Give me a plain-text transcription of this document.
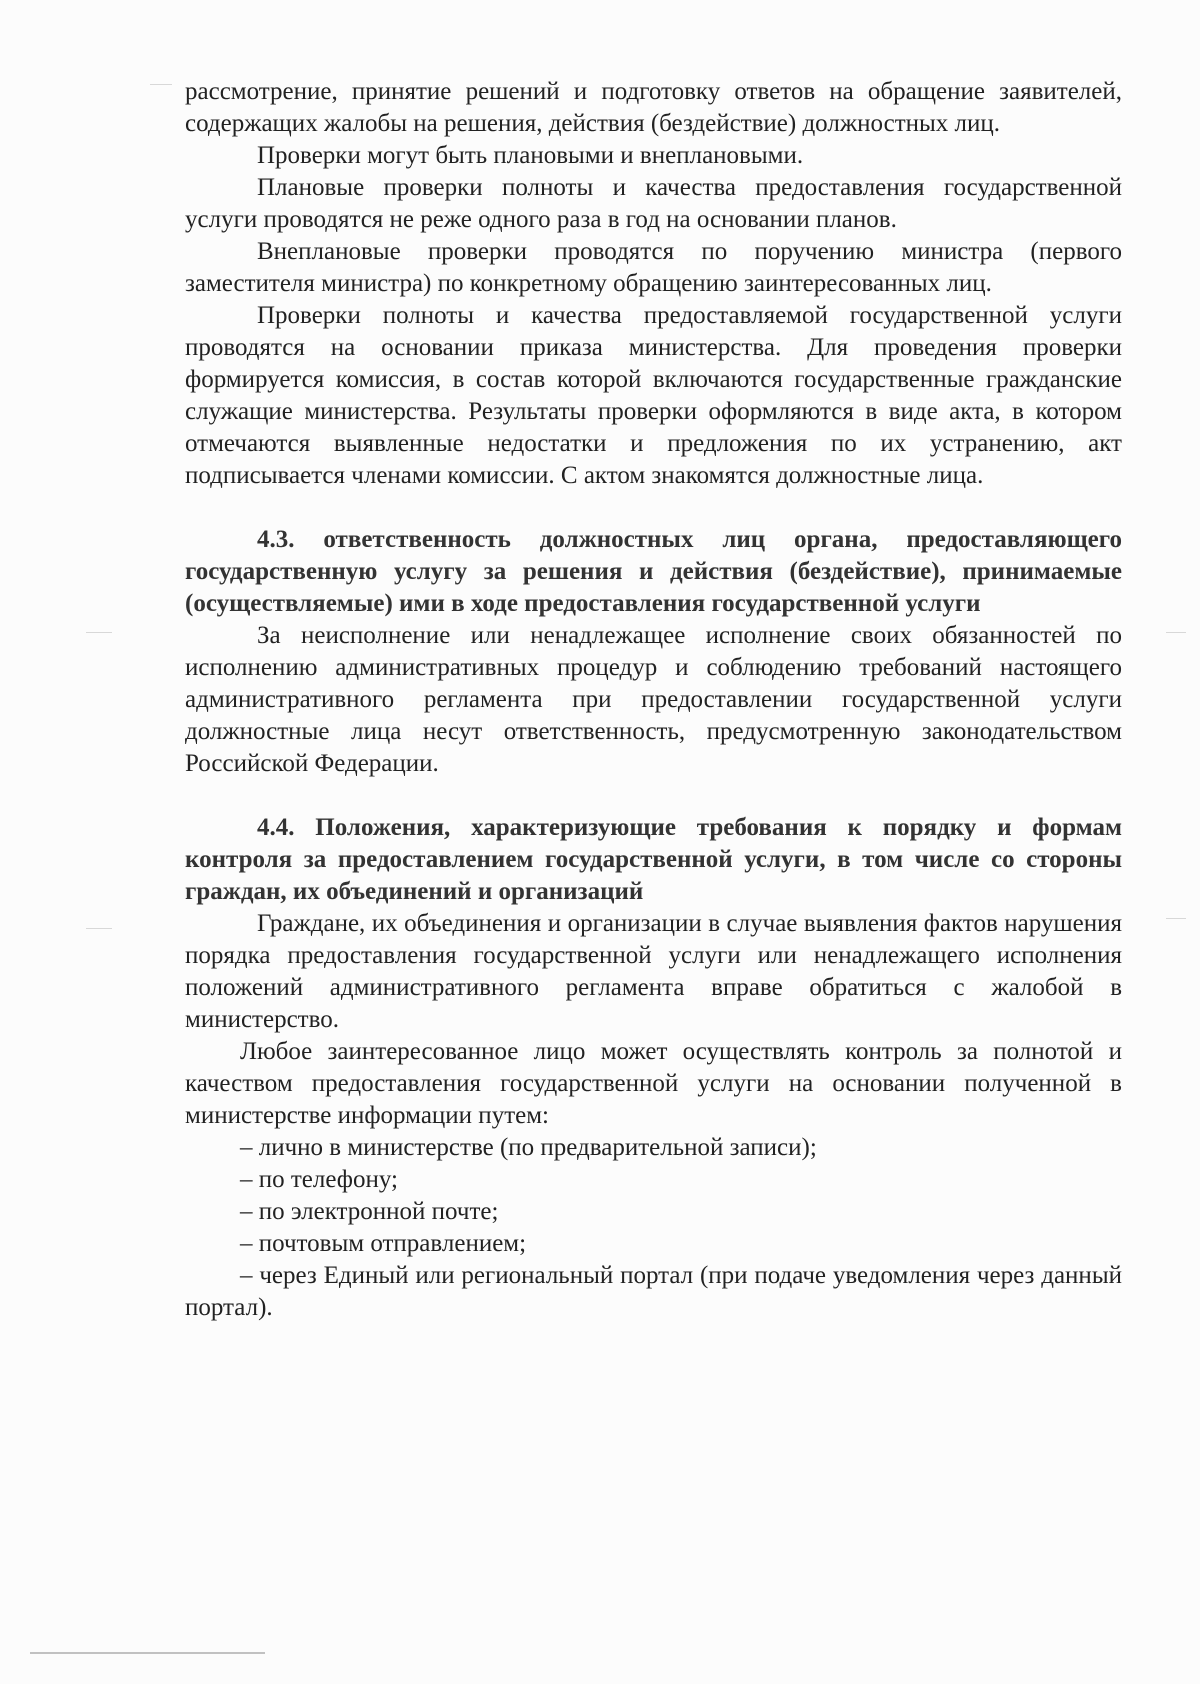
рассмотрение, принятие решений и подготовку ответов на обращение заявителей, содержащих жалобы на решения, действия (бездействие) должностных лиц.

Проверки могут быть плановыми и внеплановыми.

Плановые проверки полноты и качества предоставления государственной услуги проводятся не реже одного раза в год на основании планов.

Внеплановые проверки проводятся по поручению министра (первого заместителя министра) по конкретному обращению заинтересованных лиц.

Проверки полноты и качества предоставляемой государственной услуги проводятся на основании приказа министерства. Для проведения проверки формируется комиссия, в состав которой включаются государственные гражданские служащие министерства. Результаты проверки оформляются в виде акта, в котором отмечаются выявленные недостатки и предложения по их устранению, акт подписывается членами комиссии. С актом знакомятся должностные лица.

4.3. ответственность должностных лиц органа, предоставляющего государственную услугу за решения и действия (бездействие), принимаемые (осуществляемые) ими в ходе предоставления государственной услуги

За неисполнение или ненадлежащее исполнение своих обязанностей по исполнению административных процедур и соблюдению требований настоящего административного регламента при предоставлении государственной услуги должностные лица несут ответственность, предусмотренную законодательством Российской Федерации.

4.4. Положения, характеризующие требования к порядку и формам контроля за предоставлением государственной услуги, в том числе со стороны граждан, их объединений и организаций

Граждане, их объединения и организации в случае выявления фактов нарушения порядка предоставления государственной услуги или ненадлежащего исполнения положений административного регламента вправе обратиться с жалобой в министерство.

Любое заинтересованное лицо может осуществлять контроль за полнотой и качеством предоставления государственной услуги на основании полученной в министерстве информации путем:

– лично в министерстве (по предварительной записи);

– по телефону;

– по электронной почте;

– почтовым отправлением;

– через Единый или региональный портал (при подаче уведомления через данный портал).
